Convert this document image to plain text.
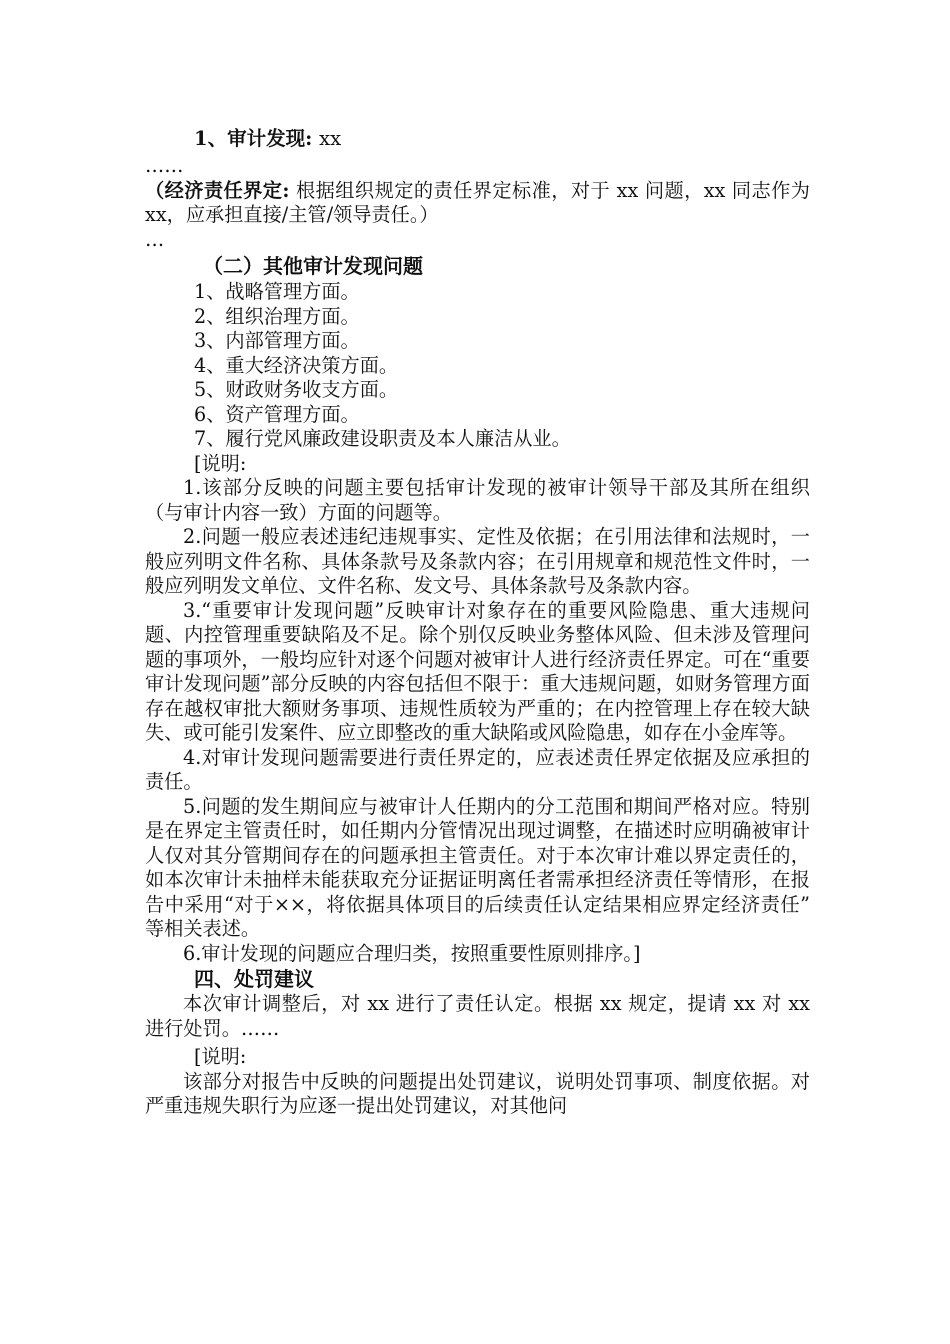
1、审计发现: xx

……

（经济责任界定: 根据组织规定的责任界定标准，对于 xx 问题，xx 同志作为 xx，应承担直接/主管/领导责任。）

…

（二）其他审计发现问题

1、战略管理方面。

2、组织治理方面。

3、内部管理方面。

4、重大经济决策方面。

5、财政财务收支方面。

6、资产管理方面。

7、履行党风廉政建设职责及本人廉洁从业。

[说明:

1.该部分反映的问题主要包括审计发现的被审计领导干部及其所在组织（与审计内容一致）方面的问题等。

2.问题一般应表述违纪违规事实、定性及依据；在引用法律和法规时，一般应列明文件名称、具体条款号及条款内容；在引用规章和规范性文件时，一般应列明发文单位、文件名称、发文号、具体条款号及条款内容。

3.“重要审计发现问题”反映审计对象存在的重要风险隐患、重大违规问题、内控管理重要缺陷及不足。除个别仅反映业务整体风险、但未涉及管理问题的事项外，一般均应针对逐个问题对被审计人进行经济责任界定。可在“重要审计发现问题”部分反映的内容包括但不限于：重大违规问题，如财务管理方面存在越权审批大额财务事项、违规性质较为严重的；在内控管理上存在较大缺失、或可能引发案件、应立即整改的重大缺陷或风险隐患，如存在小金库等。

4.对审计发现问题需要进行责任界定的，应表述责任界定依据及应承担的责任。

5.问题的发生期间应与被审计人任期内的分工范围和期间严格对应。特别是在界定主管责任时，如任期内分管情况出现过调整，在描述时应明确被审计人仅对其分管期间存在的问题承担主管责任。对于本次审计难以界定责任的，如本次审计未抽样未能获取充分证据证明离任者需承担经济责任等情形，在报告中采用“对于××，将依据具体项目的后续责任认定结果相应界定经济责任” 等相关表述。

6.审计发现的问题应合理归类，按照重要性原则排序。]

四、处罚建议

本次审计调整后，对 xx 进行了责任认定。根据 xx 规定，提请 xx 对 xx 进行处罚。……

[说明:

该部分对报告中反映的问题提出处罚建议，说明处罚事项、制度依据。对严重违规失职行为应逐一提出处罚建议，对其他问
